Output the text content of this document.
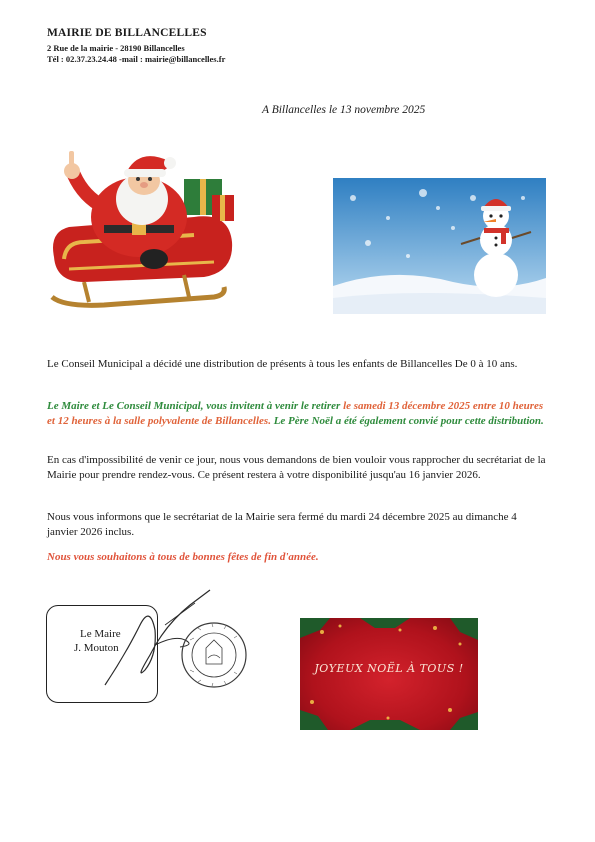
MAIRIE DE BILLANCELLES
2 Rue de la mairie - 28190 Billancelles
Tél : 02.37.23.24.48 -mail : mairie@billancelles.fr
A Billancelles le 13 novembre 2025
Le Conseil Municipal a décidé une distribution de présents à tous les enfants de Billancelles De 0 à 10 ans.
Le Maire et Le Conseil Municipal, vous invitent à venir le retirer le samedi 13 décembre 2025 entre 10 heures et 12 heures à la salle polyvalente de Billancelles. Le Père Noël a été également convié pour cette distribution.
En cas d'impossibilité de venir ce jour, nous vous demandons de bien vouloir vous rapprocher du secrétariat de la Mairie pour prendre rendez-vous. Ce présent restera à votre disponibilité jusqu'au 16 janvier 2026.
Nous vous informons que le secrétariat de la Mairie sera fermé du mardi 24 décembre 2025 au dimanche 4 janvier 2026 inclus.
Nous vous souhaitons à tous de bonnes fêtes de fin d'année.
Le Maire
J. Mouton
JOYEUX NOËL À TOUS !
